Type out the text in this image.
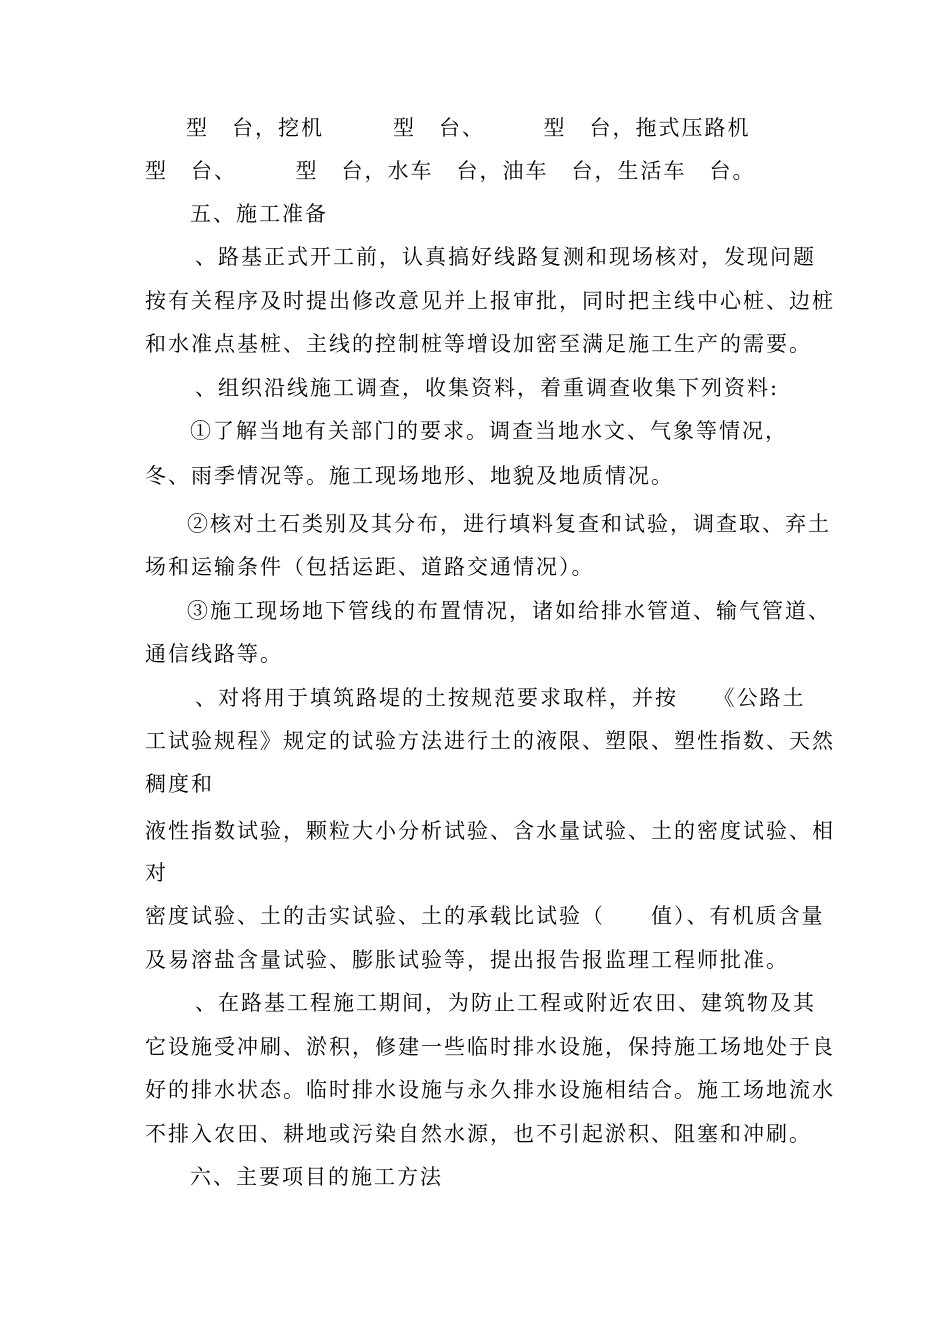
型　台，挖机　　　型　台、　　　型　台，拖式压路机
型　台、　　　型　台，水车　台，油车　台，生活车　台。
五、施工准备
、路基正式开工前，认真搞好线路复测和现场核对，发现问题
按有关程序及时提出修改意见并上报审批，同时把主线中心桩、边桩
和水准点基桩、主线的控制桩等增设加密至满足施工生产的需要。
、组织沿线施工调查，收集资料，着重调查收集下列资料:
①了解当地有关部门的要求。调查当地水文、气象等情况，
冬、雨季情况等。施工现场地形、地貌及地质情况。
②核对土石类别及其分布，进行填料复查和试验，调查取、弃土
场和运输条件（包括运距、道路交通情况）。
③施工现场地下管线的布置情况，诸如给排水管道、输气管道、
通信线路等。
、对将用于填筑路堤的土按规范要求取样，并按　　《公路土
工试验规程》规定的试验方法进行土的液限、塑限、塑性指数、天然
稠度和
液性指数试验，颗粒大小分析试验、含水量试验、土的密度试验、相
对
密度试验、土的击实试验、土的承载比试验（　　值）、有机质含量
及易溶盐含量试验、膨胀试验等，提出报告报监理工程师批准。
、在路基工程施工期间，为防止工程或附近农田、建筑物及其
它设施受冲刷、淤积，修建一些临时排水设施，保持施工场地处于良
好的排水状态。临时排水设施与永久排水设施相结合。施工场地流水
不排入农田、耕地或污染自然水源，也不引起淤积、阻塞和冲刷。
六、主要项目的施工方法
